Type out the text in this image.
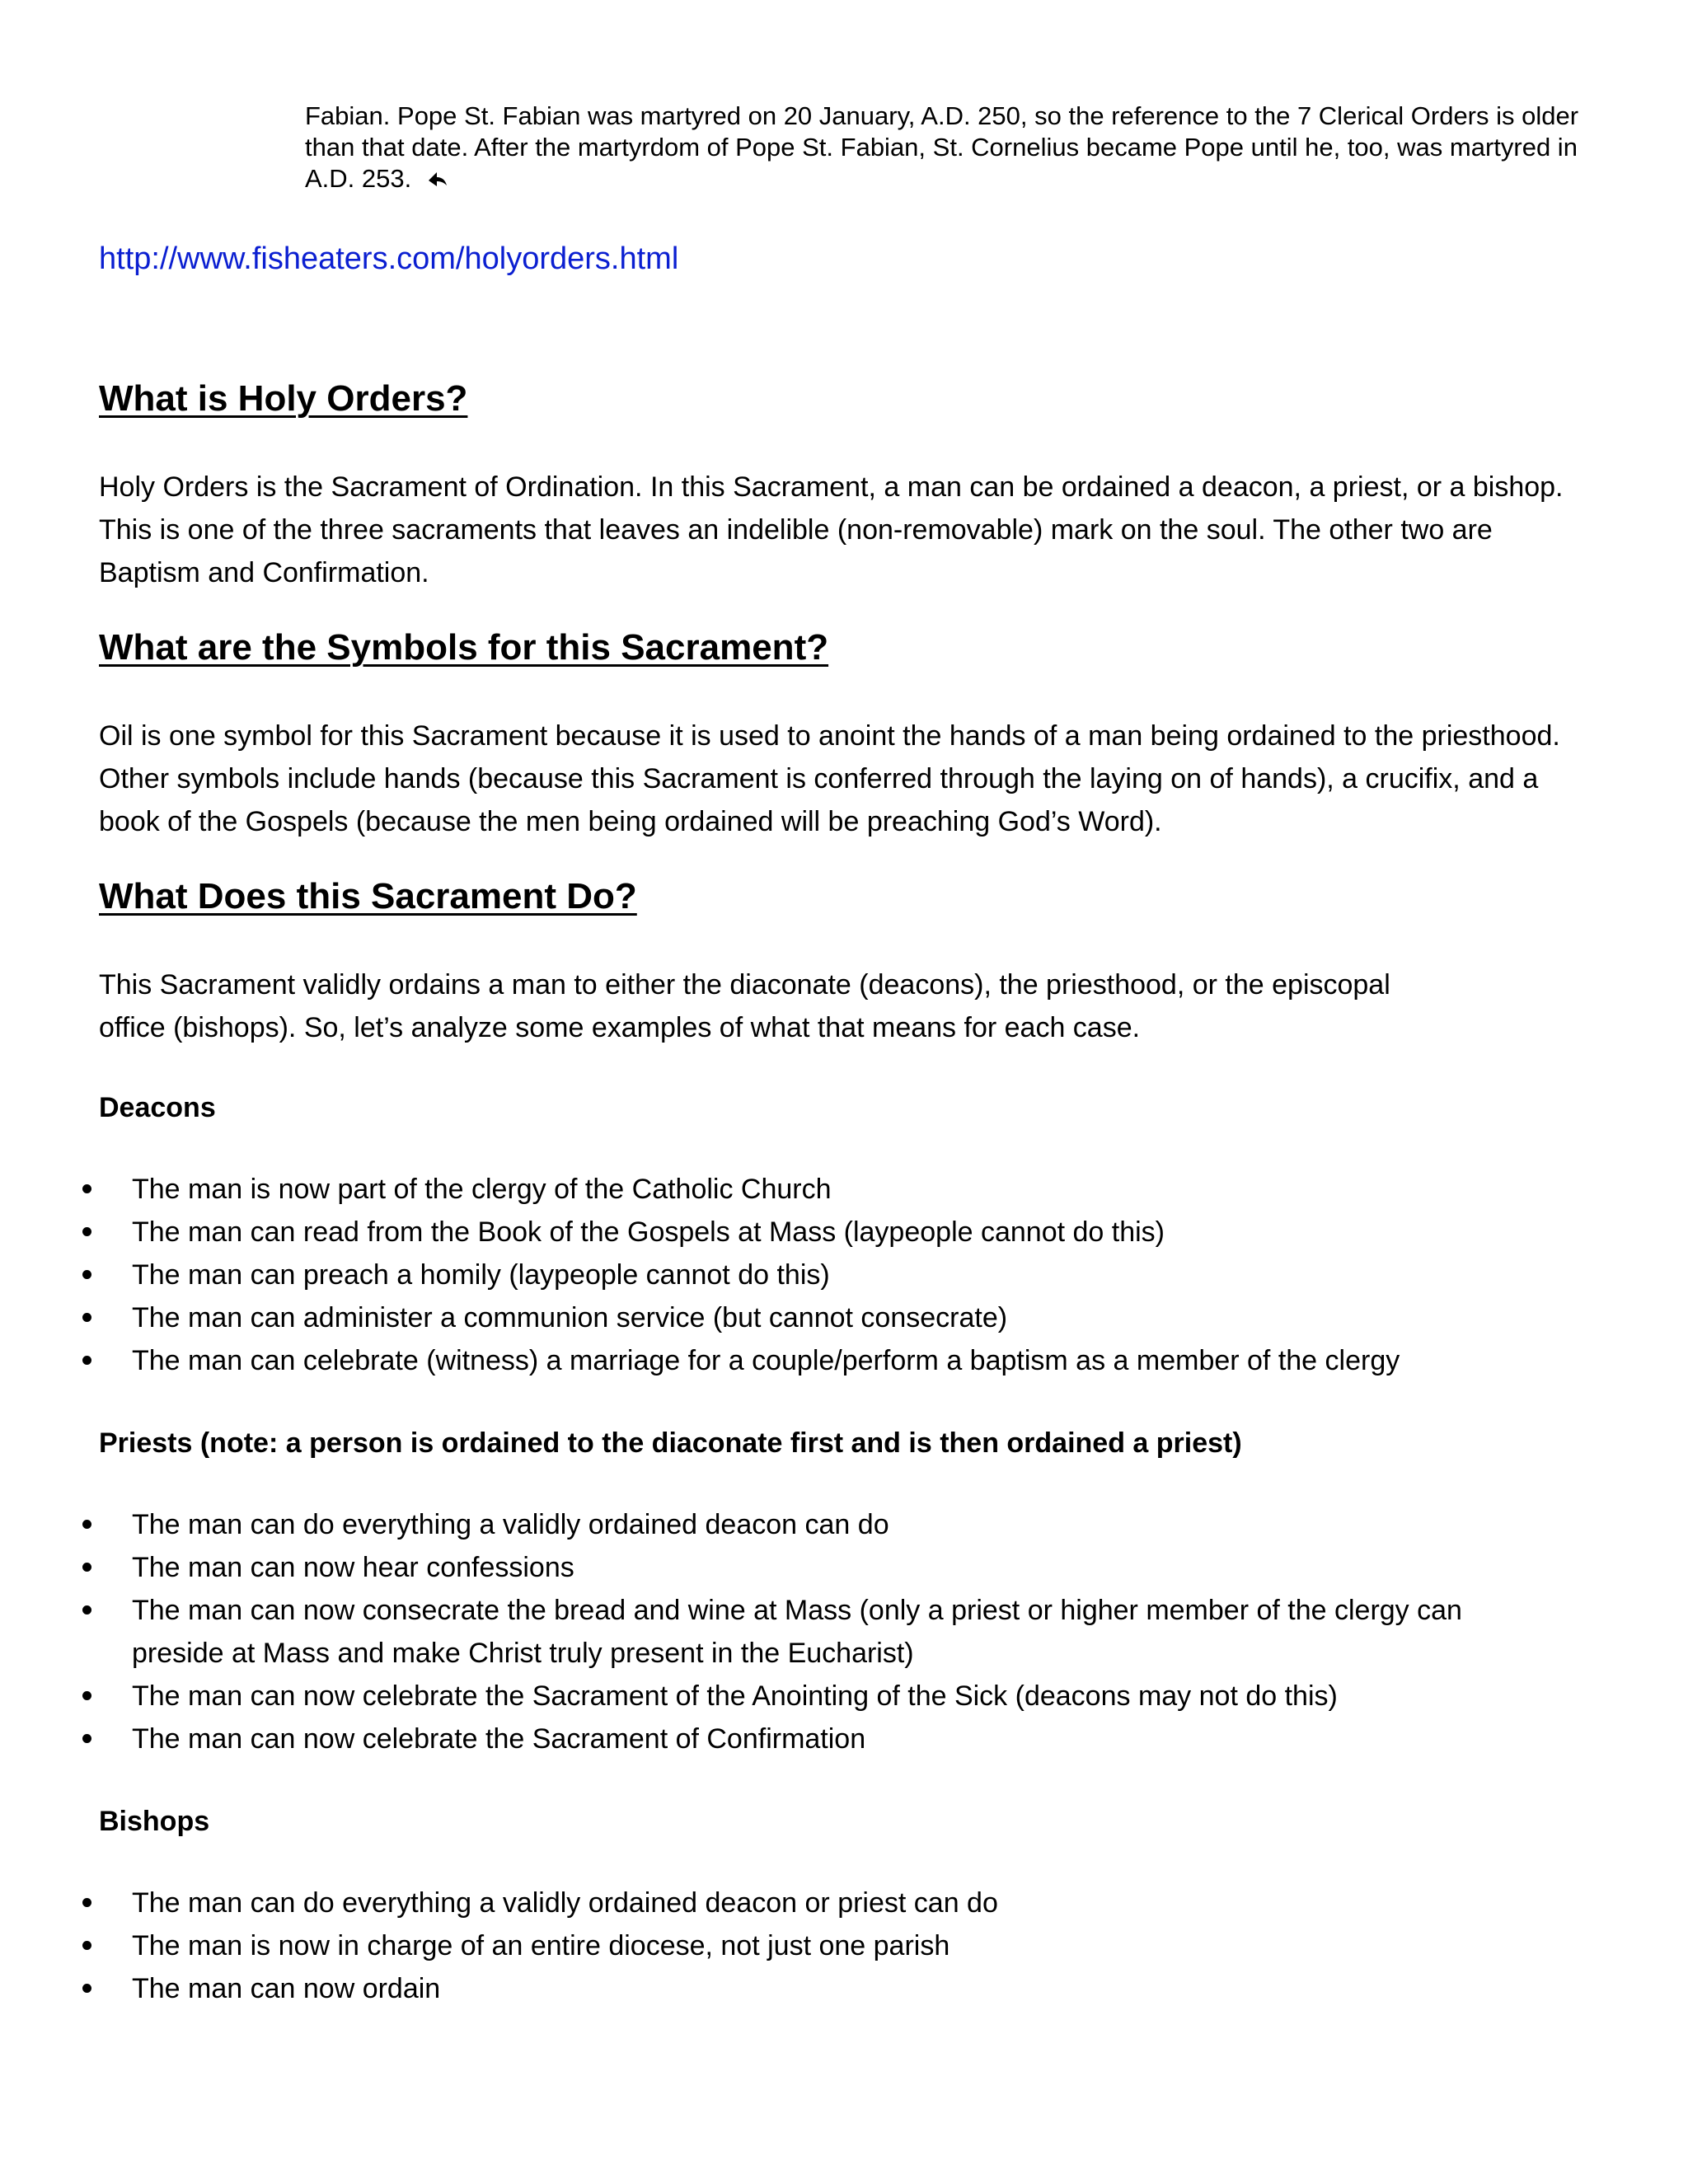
Fabian. Pope St. Fabian was martyred on 20 January, A.D. 250, so the reference to the 7 Clerical Orders is older than that date. After the martyrdom of Pope St. Fabian, St. Cornelius became Pope until he, too, was martyred in A.D. 253.

http://www.fisheaters.com/holyorders.html
What is Holy Orders?

Holy Orders is the Sacrament of Ordination. In this Sacrament, a man can be ordained a deacon, a priest, or a bishop. This is one of the three sacraments that leaves an indelible (non-removable) mark on the soul. The other two are Baptism and Confirmation.

What are the Symbols for this Sacrament?

Oil is one symbol for this Sacrament because it is used to anoint the hands of a man being ordained to the priesthood. Other symbols include hands (because this Sacrament is conferred through the laying on of hands), a crucifix, and a book of the Gospels (because the men being ordained will be preaching God’s Word).

What Does this Sacrament Do?

This Sacrament validly ordains a man to either the diaconate (deacons), the priesthood, or the episcopal
office (bishops). So, let’s analyze some examples of what that means for each case.

Deacons

The man is now part of the clergy of the Catholic Church
The man can read from the Book of the Gospels at Mass (laypeople cannot do this)
The man can preach a homily (laypeople cannot do this)
The man can administer a communion service (but cannot consecrate)
The man can celebrate (witness) a marriage for a couple/perform a baptism as a member of the clergy

Priests (note: a person is ordained to the diaconate first and is then ordained a priest)

The man can do everything a validly ordained deacon can do
The man can now hear confessions
The man can now consecrate the bread and wine at Mass (only a priest or higher member of the clergy can preside at Mass and make Christ truly present in the Eucharist)
The man can now celebrate the Sacrament of the Anointing of the Sick (deacons may not do this)
The man can now celebrate the Sacrament of Confirmation

Bishops

The man can do everything a validly ordained deacon or priest can do
The man is now in charge of an entire diocese, not just one parish
The man can now ordain
